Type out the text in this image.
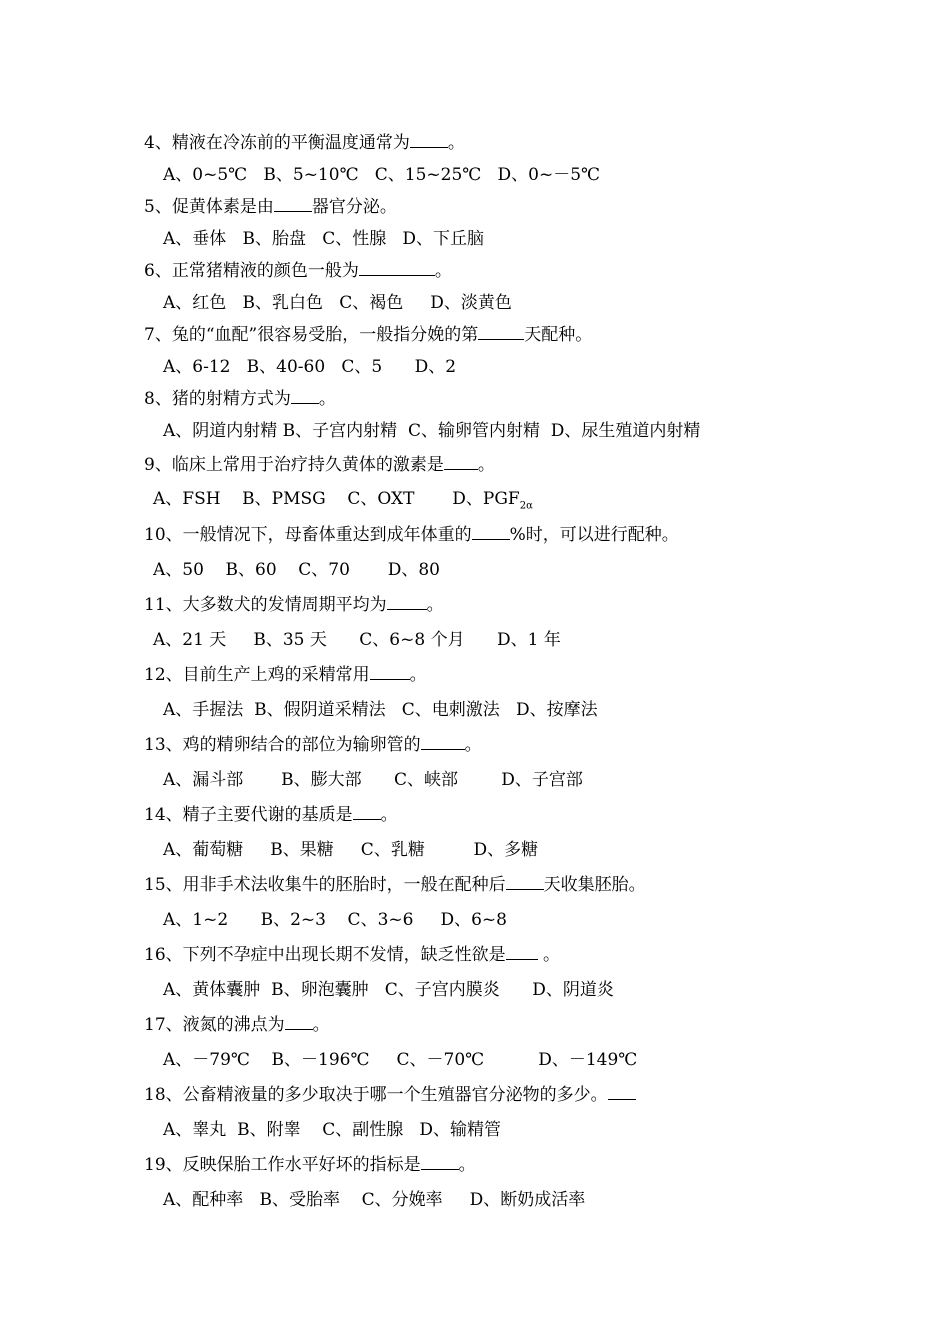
4、精液在冷冻前的平衡温度通常为 。
A、0~5℃   B、5~10℃   C、15~25℃   D、0~－5℃
5、促黄体素是由 器官分泌。
A、垂体   B、胎盘   C、性腺   D、下丘脑
6、正常猪精液的颜色一般为	。
A、红色   B、乳白色   C、褐色     D、淡黄色
7、兔的“血配”很容易受胎，一般指分娩的第	天配种。
A、6-12   B、40-60   C、5      D、2
8、猪的射精方式为 。
A、阴道内射精 B、子宫内射精  C、输卵管内射精  D、尿生殖道内射精
9、临床上常用于治疗持久黄体的激素是 。
A、FSH    B、PMSG    C、OXT       D、$PGF_{2\alpha}$
10、一般情况下，母畜体重达到成年体重的 %时，可以进行配种。
A、50    B、60    C、70       D、80
11、大多数犬的发情周期平均为 。
A、21 天     B、35 天      C、6~8 个月      D、1 年
12、目前生产上鸡的采精常用 。
A、手握法  B、假阴道采精法   C、电刺激法   D、按摩法
13、鸡的精卵结合的部位为输卵管的	。
A、漏斗部       B、膨大部      C、峡部        D、子宫部
14、精子主要代谢的基质是 。
A、葡萄糖     B、果糖     C、乳糖         D、多糖
15、用非手术法收集牛的胚胎时，一般在配种后 天收集胚胎。
A、1~2      B、2~3    C、3~6     D、6~8
16、下列不孕症中出现长期不发情，缺乏性欲是 。
A、黄体囊肿  B、卵泡囊肿   C、子宫内膜炎      D、阴道炎
17、液氮的沸点为 。
A、－79℃    B、－196℃     C、－70℃          D、－149℃
18、公畜精液量的多少取决于哪一个生殖器官分泌物的多少。
A、睾丸  B、附睾    C、副性腺   D、输精管
19、反映保胎工作水平好坏的指标是 。
A、配种率   B、受胎率    C、分娩率     D、断奶成活率
